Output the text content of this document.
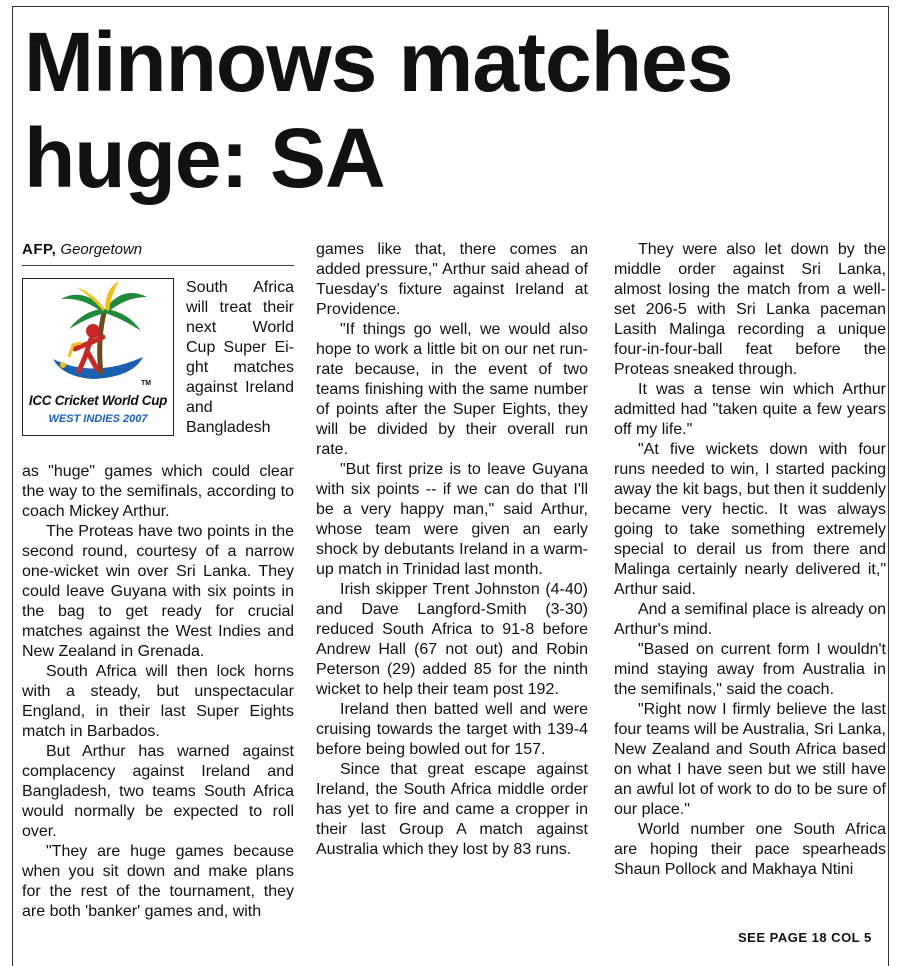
Minnows matches huge: SA
AFP, Georgetown
TM
ICC Cricket World Cup
WEST INDIES 2007

South Africa will treat their next World Cup Super Ei-ght matches against Ireland and Bangladesh

as "huge" games which could clear the way to the semifinals, according to coach Mickey Arthur.

The Proteas have two points in the second round, courtesy of a narrow one-wicket win over Sri Lanka. They could leave Guyana with six points in the bag to get ready for crucial matches against the West Indies and New Zealand in Grenada.

South Africa will then lock horns with a steady, but unspectacular England, in their last Super Eights match in Barbados.

But Arthur has warned against complacency against Ireland and Bangladesh, two teams South Africa would normally be expected to roll over.

"They are huge games because when you sit down and make plans for the rest of the tournament, they are both 'banker' games and, with

games like that, there comes an added pressure," Arthur said ahead of Tuesday's fixture against Ireland at Providence.

"If things go well, we would also hope to work a little bit on our net run-rate because, in the event of two teams finishing with the same number of points after the Super Eights, they will be divided by their overall run rate.

"But first prize is to leave Guyana with six points -- if we can do that I'll be a very happy man," said Arthur, whose team were given an early shock by debutants Ireland in a warm-up match in Trinidad last month.

Irish skipper Trent Johnston (4-40) and Dave Langford-Smith (3-30) reduced South Africa to 91-8 before Andrew Hall (67 not out) and Robin Peterson (29) added 85 for the ninth wicket to help their team post 192.

Ireland then batted well and were cruising towards the target with 139-4 before being bowled out for 157.

Since that great escape against Ireland, the South Africa middle order has yet to fire and came a cropper in their last Group A match against Australia which they lost by 83 runs.

They were also let down by the middle order against Sri Lanka, almost losing the match from a well-set 206-5 with Sri Lanka paceman Lasith Malinga recording a unique four-in-four-ball feat before the Proteas sneaked through.

It was a tense win which Arthur admitted had "taken quite a few years off my life."

"At five wickets down with four runs needed to win, I started packing away the kit bags, but then it suddenly became very hectic. It was always going to take something extremely special to derail us from there and Malinga certainly nearly delivered it," Arthur said.

And a semifinal place is already on Arthur's mind.

"Based on current form I wouldn't mind staying away from Australia in the semifinals," said the coach.

"Right now I firmly believe the last four teams will be Australia, Sri Lanka, New Zealand and South Africa based on what I have seen but we still have an awful lot of work to do to be sure of our place."

World number one South Africa are hoping their pace spearheads Shaun Pollock and Makhaya Ntini

SEE PAGE 18 COL 5
